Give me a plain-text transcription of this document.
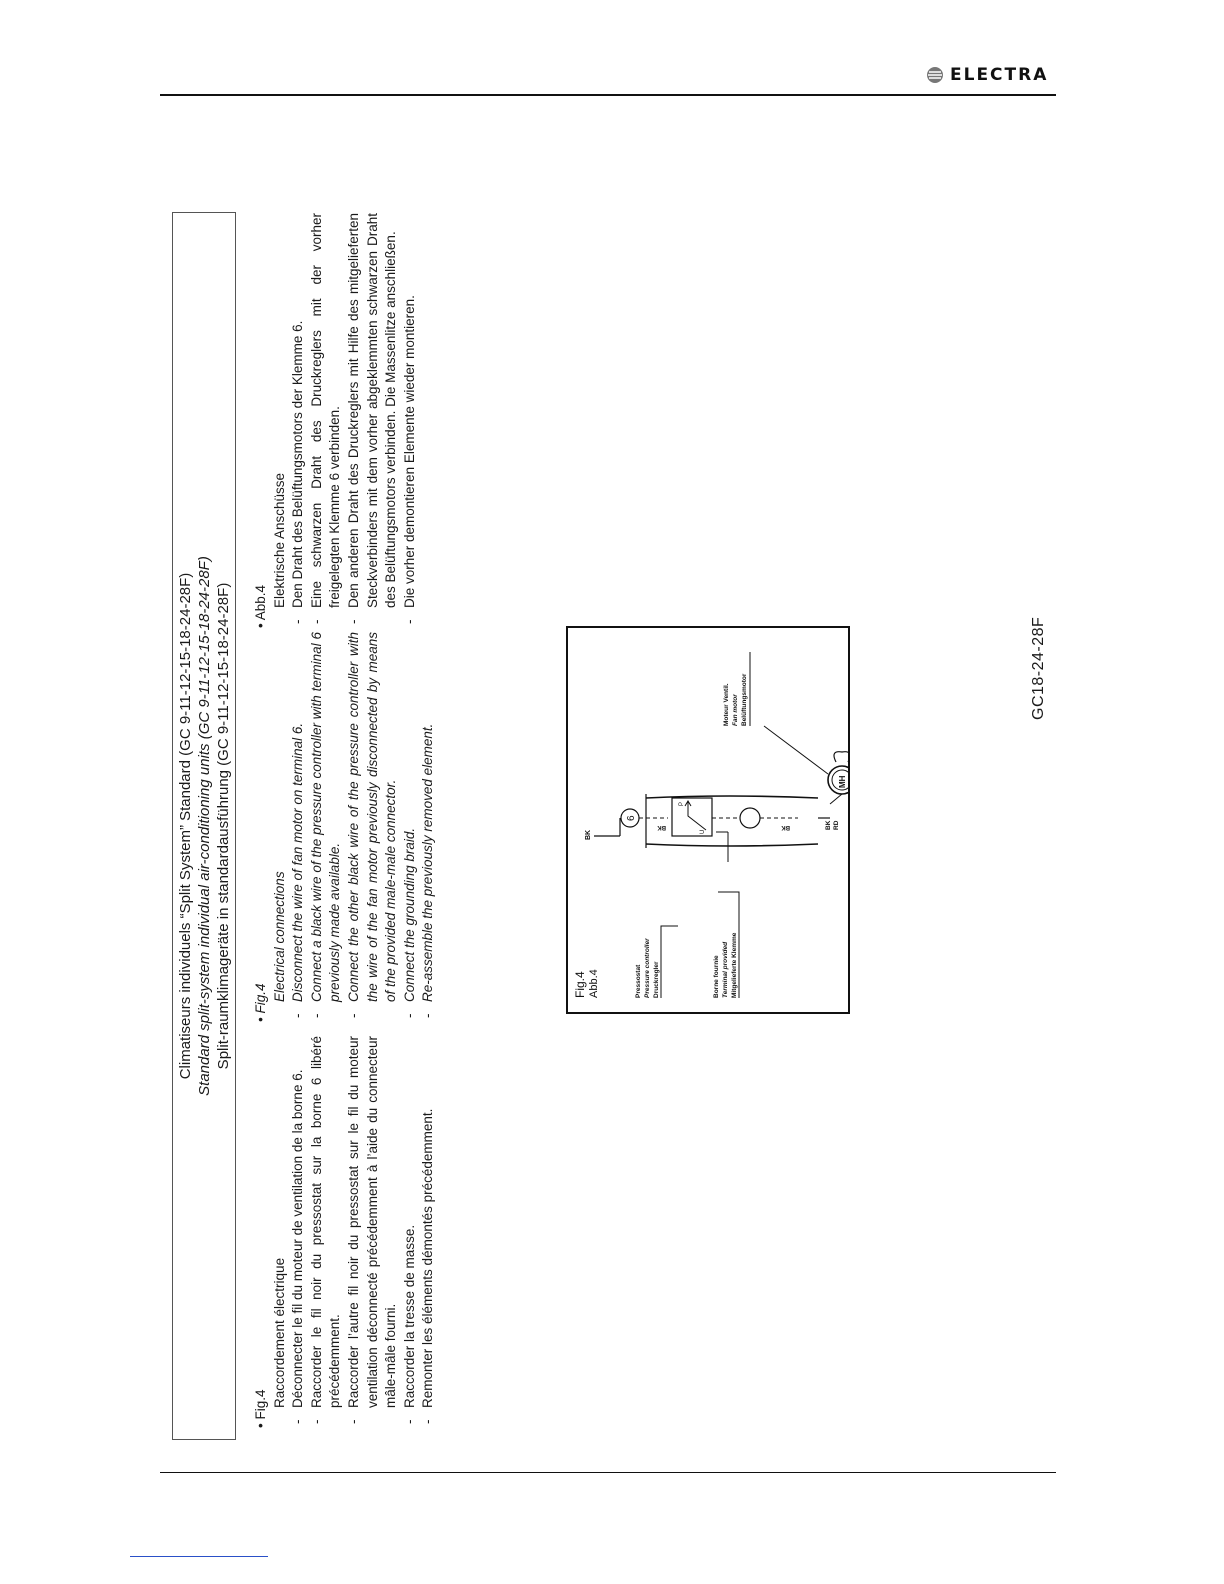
ELECTRA
Climatiseurs individuels “Split System” Standard (GC 9-11-12-15-18-24-28F) Standard split-system individual air-conditioning units (GC 9-11-12-15-18-24-28F) Split-raumklimageräte in standardausführung (GC 9-11-12-15-18-24-28F)

• Fig.4

Raccordement électrique - Déconnecter le fil du moteur de ventilation de la borne 6. - Raccorder le fil noir du pressostat sur la borne 6 libéré précédemment. - Raccorder l’autre fil noir du pressostat sur le fil du moteur ventilation déconnecté précédemment à l’aide du connecteur mâle-mâle fourni. - Raccorder la tresse de masse. - Remonter les éléments démontés précédemment.

• Fig.4

Electrical connections - Disconnect the wire of fan motor on terminal 6. - Connect a black wire of the pressure controller with terminal 6 previously made available. - Connect the other black wire of the pressure controller with the wire of the fan motor previously disconnected by means of the provided male-male connector. - Connect the grounding braid. - Re-assemble the previously removed element.

• Abb.4 Elektrische Anschüsse - Den Draht des Belüftungsmotors der Klemme 6. - Eine schwarzen Draht des Druckreglers mit der vorher freigelegten Klemme 6 verbinden. - Den anderen Draht des Druckreglers mit Hilfe des mitgelieferten Steckverbinders mit dem vorher abgeklemmten schwarzen Draht des Belüftungsmotors verbinden. Die Massenlitze anschließen. - Die vorher demontieren Elemente wieder montieren.
Fig.4 Abb.4	Pressostat Pressure controller Druckregler	Borne fournie Terminal provided Mitgelieferte Klemme
BK
6
BK
U
P
BK	BK RD
MH
Moteur Ventil. Fan motor Belüftungsmotor	GC18-24-28F
